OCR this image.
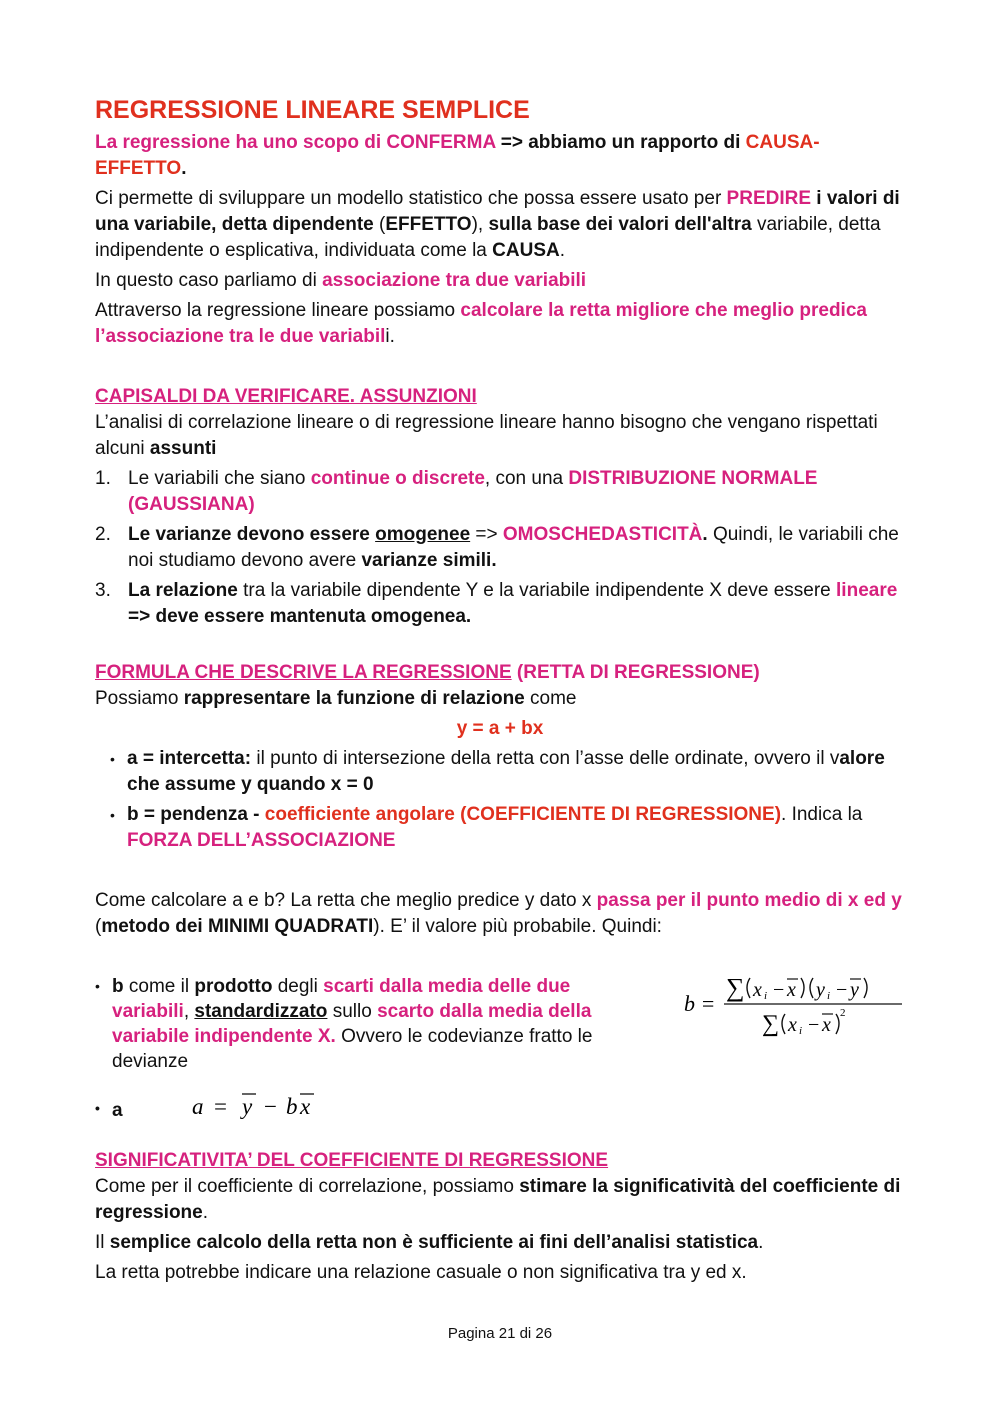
REGRESSIONE LINEARE SEMPLICE

La regressione ha uno scopo di CONFERMA => abbiamo un rapporto di CAUSA-EFFETTO.

Ci permette di sviluppare un modello statistico che possa essere usato per PREDIRE i valori di una variabile, detta dipendente (EFFETTO), sulla base dei valori dell'altra variabile, detta indipendente o esplicativa, individuata come la CAUSA.

In questo caso parliamo di associazione tra due variabili

Attraverso la regressione lineare possiamo calcolare la retta migliore che meglio predica l’associazione tra le due variabili.

CAPISALDI DA VERIFICARE. ASSUNZIONI

L’analisi di correlazione lineare o di regressione lineare hanno bisogno che vengano rispettati alcuni assunti

1. Le variabili che siano continue o discrete, con una DISTRIBUZIONE NORMALE (GAUSSIANA)
2. Le varianze devono essere omogenee => OMOSCHEDASTICITÀ. Quindi, le variabili che noi studiamo devono avere varianze simili.
3. La relazione tra la variabile dipendente Y e la variabile indipendente X deve essere lineare => deve essere mantenuta omogenea.

FORMULA CHE DESCRIVE LA REGRESSIONE (RETTA DI REGRESSIONE)

Possiamo rappresentare la funzione di relazione come

y = a + bx

• a = intercetta: il punto di intersezione della retta con l’asse delle ordinate, ovvero il valore che assume y quando x = 0
• b = pendenza - coefficiente angolare (COEFFICIENTE DI REGRESSIONE). Indica la FORZA DELL’ASSOCIAZIONE

Come calcolare a e b? La retta che meglio predice y dato x passa per il punto medio di x ed y (metodo dei MINIMI QUADRATI). E’ il valore più probabile. Quindi:

• b come il prodotto degli scarti dalla media delle due variabili, standardizzato sullo scarto dalla media della variabile indipendente X. Ovvero le codevianze fratto le devianze

b =
∑ x i − x y i − y
∑ x i − x
2
• a	a = y − b x

SIGNIFICATIVITA’ DEL COEFFICIENTE DI REGRESSIONE

Come per il coefficiente di correlazione, possiamo stimare la significatività del coefficiente di regressione.

Il semplice calcolo della retta non è sufficiente ai fini dell’analisi statistica.

La retta potrebbe indicare una relazione casuale o non significativa tra y ed x.

Pagina 21 di 26
